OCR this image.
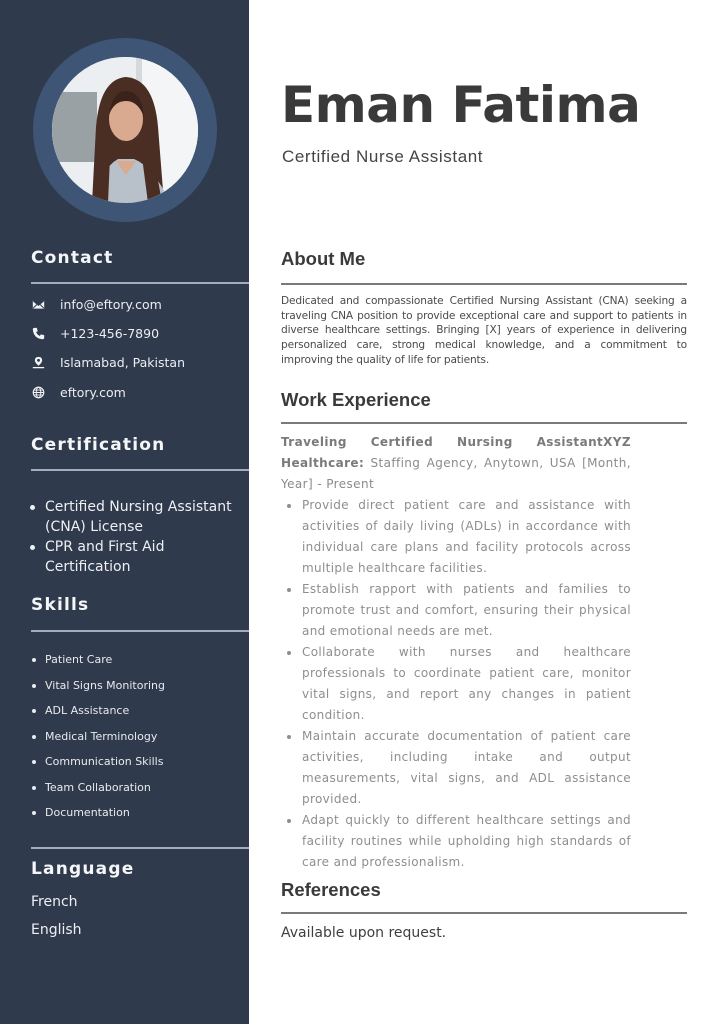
Contact
info@eftory.com
+123-456-7890
Islamabad, Pakistan
eftory.com
Certification
Certified Nursing Assistant (CNA) License
CPR and First Aid Certification
Skills
Patient Care
Vital Signs Monitoring
ADL Assistance
Medical Terminology
Communication Skills
Team Collaboration
Documentation
Language
French
English
Eman Fatima
Certified Nurse Assistant
About Me

Dedicated and compassionate Certified Nursing Assistant (CNA) seeking a traveling CNA position to provide exceptional care and support to patients in diverse healthcare settings. Bringing [X] years of experience in delivering personalized care, strong medical knowledge, and a commitment to improving the quality of life for patients.

Work Experience

Traveling Certified Nursing AssistantXYZ Healthcare: Staffing Agency, Anytown, USA [Month, Year] - Present

Provide direct patient care and assistance with activities of daily living (ADLs) in accordance with individual care plans and facility protocols across multiple healthcare facilities.
Establish rapport with patients and families to promote trust and comfort, ensuring their physical and emotional needs are met.
Collaborate with nurses and healthcare professionals to coordinate patient care, monitor vital signs, and report any changes in patient condition.
Maintain accurate documentation of patient care activities, including intake and output measurements, vital signs, and ADL assistance provided.
Adapt quickly to different healthcare settings and facility routines while upholding high standards of care and professionalism.
References

Available upon request.
